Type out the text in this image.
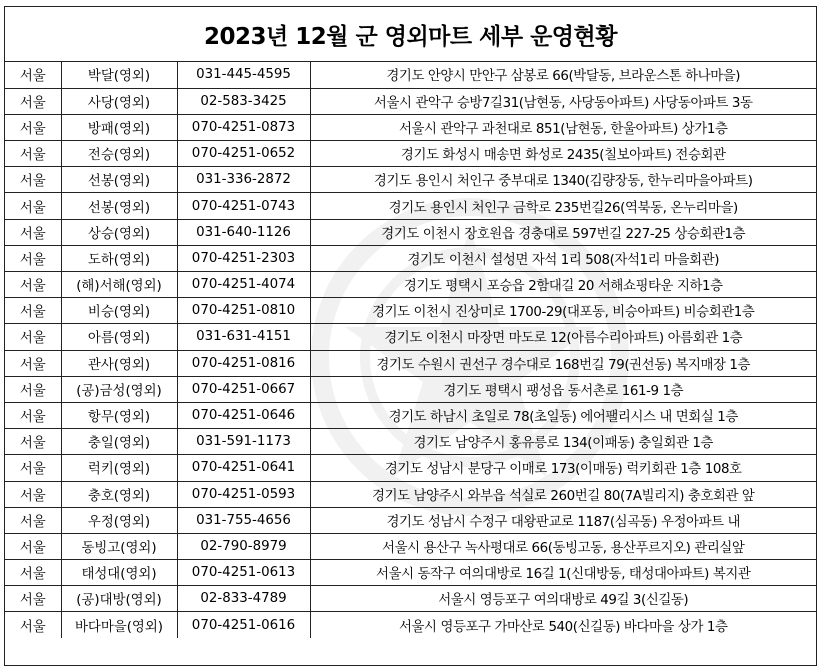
2023년 12월 군 영외마트 세부 운영현황
서울	박달(영외)	031-445-4595	경기도 안양시 만안구 삼봉로 66(박달동, 브라운스톤 하나마을)
서울	사당(영외)	02-583-3425	서울시 관악구 승방7길31(남현동, 사당동아파트) 사당동아파트 3동
서울	방패(영외)	070-4251-0873	서울시 관악구 과천대로 851(남현동, 한울아파트) 상가1층
서울	전승(영외)	070-4251-0652	경기도 화성시 매송면 화성로 2435(칠보아파트) 전승회관
서울	선봉(영외)	031-336-2872	경기도 용인시 처인구 중부대로 1340(김량장동, 한누리마을아파트)
서울	선봉(영외)	070-4251-0743	경기도 용인시 처인구 금학로 235번길26(역북동, 온누리마을)
서울	상승(영외)	031-640-1126	경기도 이천시 장호원읍 경충대로 597번길 227-25 상승회관1층
서울	도하(영외)	070-4251-2303	경기도 이천시 설성면 자석 1리 508(자석1리 마을회관)
서울	(해)서해(영외)	070-4251-4074	경기도 평택시 포승읍 2함대길 20 서해쇼핑타운 지하1층
서울	비승(영외)	070-4251-0810	경기도 이천시 진상미로 1700-29(대포동, 비승아파트) 비승회관1층
서울	아름(영외)	031-631-4151	경기도 이천시 마장면 마도로 12(아름수리아파트) 아름회관 1층
서울	관사(영외)	070-4251-0816	경기도 수원시 권선구 경수대로 168번길 79(권선동) 복지매장 1층
서울	(공)금성(영외)	070-4251-0667	경기도 평택시 팽성읍 동서촌로 161-9 1층
서울	항무(영외)	070-4251-0646	경기도 하남시 초일로 78(초일동) 에어팰리시스 내 면회실 1층
서울	충일(영외)	031-591-1173	경기도 남양주시 홍유릉로 134(이패동) 충일회관 1층
서울	럭키(영외)	070-4251-0641	경기도 성남시 분당구 이매로 173(이매동) 럭키회관 1층 108호
서울	충호(영외)	070-4251-0593	경기도 남양주시 와부읍 석실로 260번길 80(7A빌리지) 충호회관 앞
서울	우정(영외)	031-755-4656	경기도 성남시 수정구 대왕판교로 1187(심곡동) 우정아파트 내
서울	동빙고(영외)	02-790-8979	서울시 용산구 녹사평대로 66(동빙고동, 용산푸르지오) 관리실앞
서울	태성대(영외)	070-4251-0613	서울시 동작구 여의대방로 16길 1(신대방동, 태성대아파트) 복지관
서울	(공)대방(영외)	02-833-4789	서울시 영등포구 여의대방로 49길 3(신길동)
서울	바다마을(영외)	070-4251-0616	서울시 영등포구 가마산로 540(신길동) 바다마을 상가 1층
